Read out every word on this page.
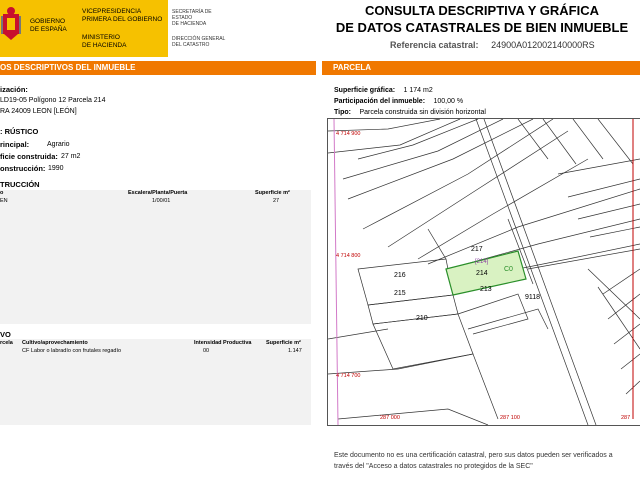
GOBIERNO
DE ESPAÑA
VICEPRESIDENCIA
PRIMERA DEL GOBIERNO
MINISTERIO
DE HACIENDA
SECRETARÍA DE ESTADO
DE HACIENDA
DIRECCIÓN GENERAL
DEL CATASTRO
CONSULTA DESCRIPTIVA Y GRÁFICA
DE DATOS CATASTRALES DE BIEN INMUEBLE
Referencia catastral: 24900A012002140000RS
OS DESCRIPTIVOS DEL INMUEBLE
ización:
LD19-05 Polígono 12 Parcela 214
RA 24009 LEON [LEÓN]
: RÚSTICO
rincipal:	Agrario
ficie construida: 27 m2
onstrucción: 1990
TRUCCIÓN
o	Escalera/Planta/Puerta	Superficie m²
EN	1/00/01	27
VO
rcela Cultivo/aprovechamiento	Intensidad Productiva	Superficie m²
CF Labor o labradío con frutales regadío	00	1.147
PARCELA
Superficie gráfica: 1 174 m2
Participación del inmueble: 100,00 %
Tipo: Parcela construida sin división horizontal
217
214
213
216
215
210
9118
[214]
C0
4 714 900
4 714 800
4 714 700
287 000	287 100	287
Este documento no es una certificación catastral, pero sus datos pueden ser verificados a
través del "Acceso a datos catastrales no protegidos de la SEC"
